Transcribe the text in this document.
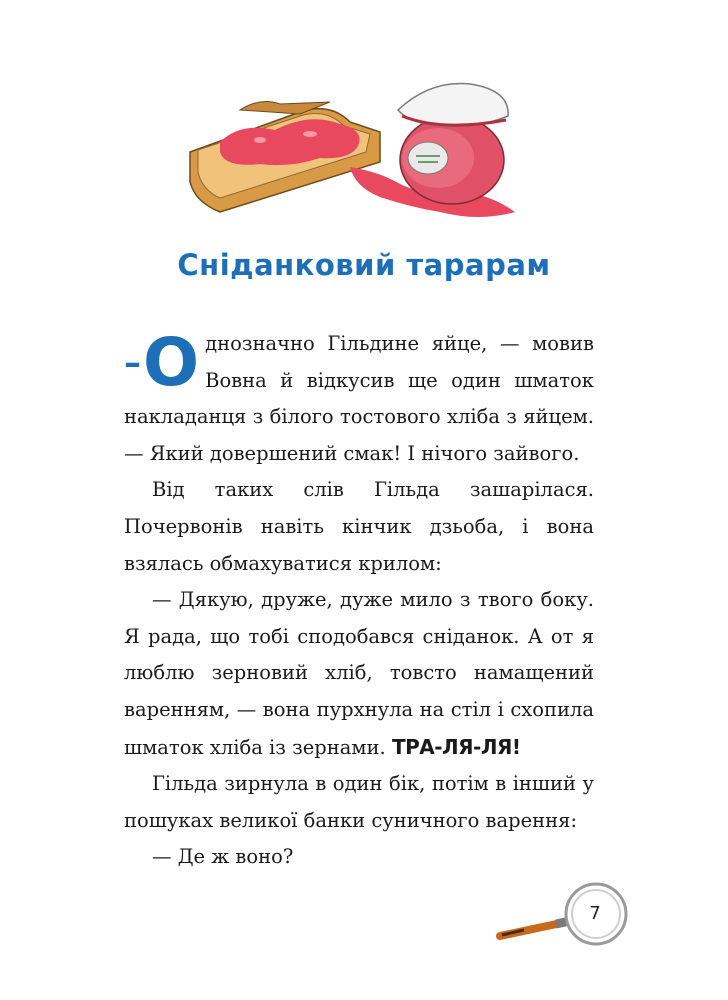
Сніданковий тарарам

– О днозначно Гільдине яйце, — мовив Вовна й відкусив ще один шматок накладанця з білого тостового хліба з яйцем. — Який довершений смак! І нічого зайвого.

Від таких слів Гільда зашарілася. Почервонів навіть кінчик дзьоба, і вона взялась обмахуватися крилом:

— Дякую, друже, дуже мило з твого боку. Я рада, що тобі сподобався сніданок. А от я люблю зерновий хліб, товсто намащений варенням, — вона пурхнула на стіл і схопила шматок хліба із зернами. ТРА-ЛЯ-ЛЯ!

Гільда зирнула в один бік, потім в інший у пошуках великої банки суничного варення:

— Де ж воно?

7
